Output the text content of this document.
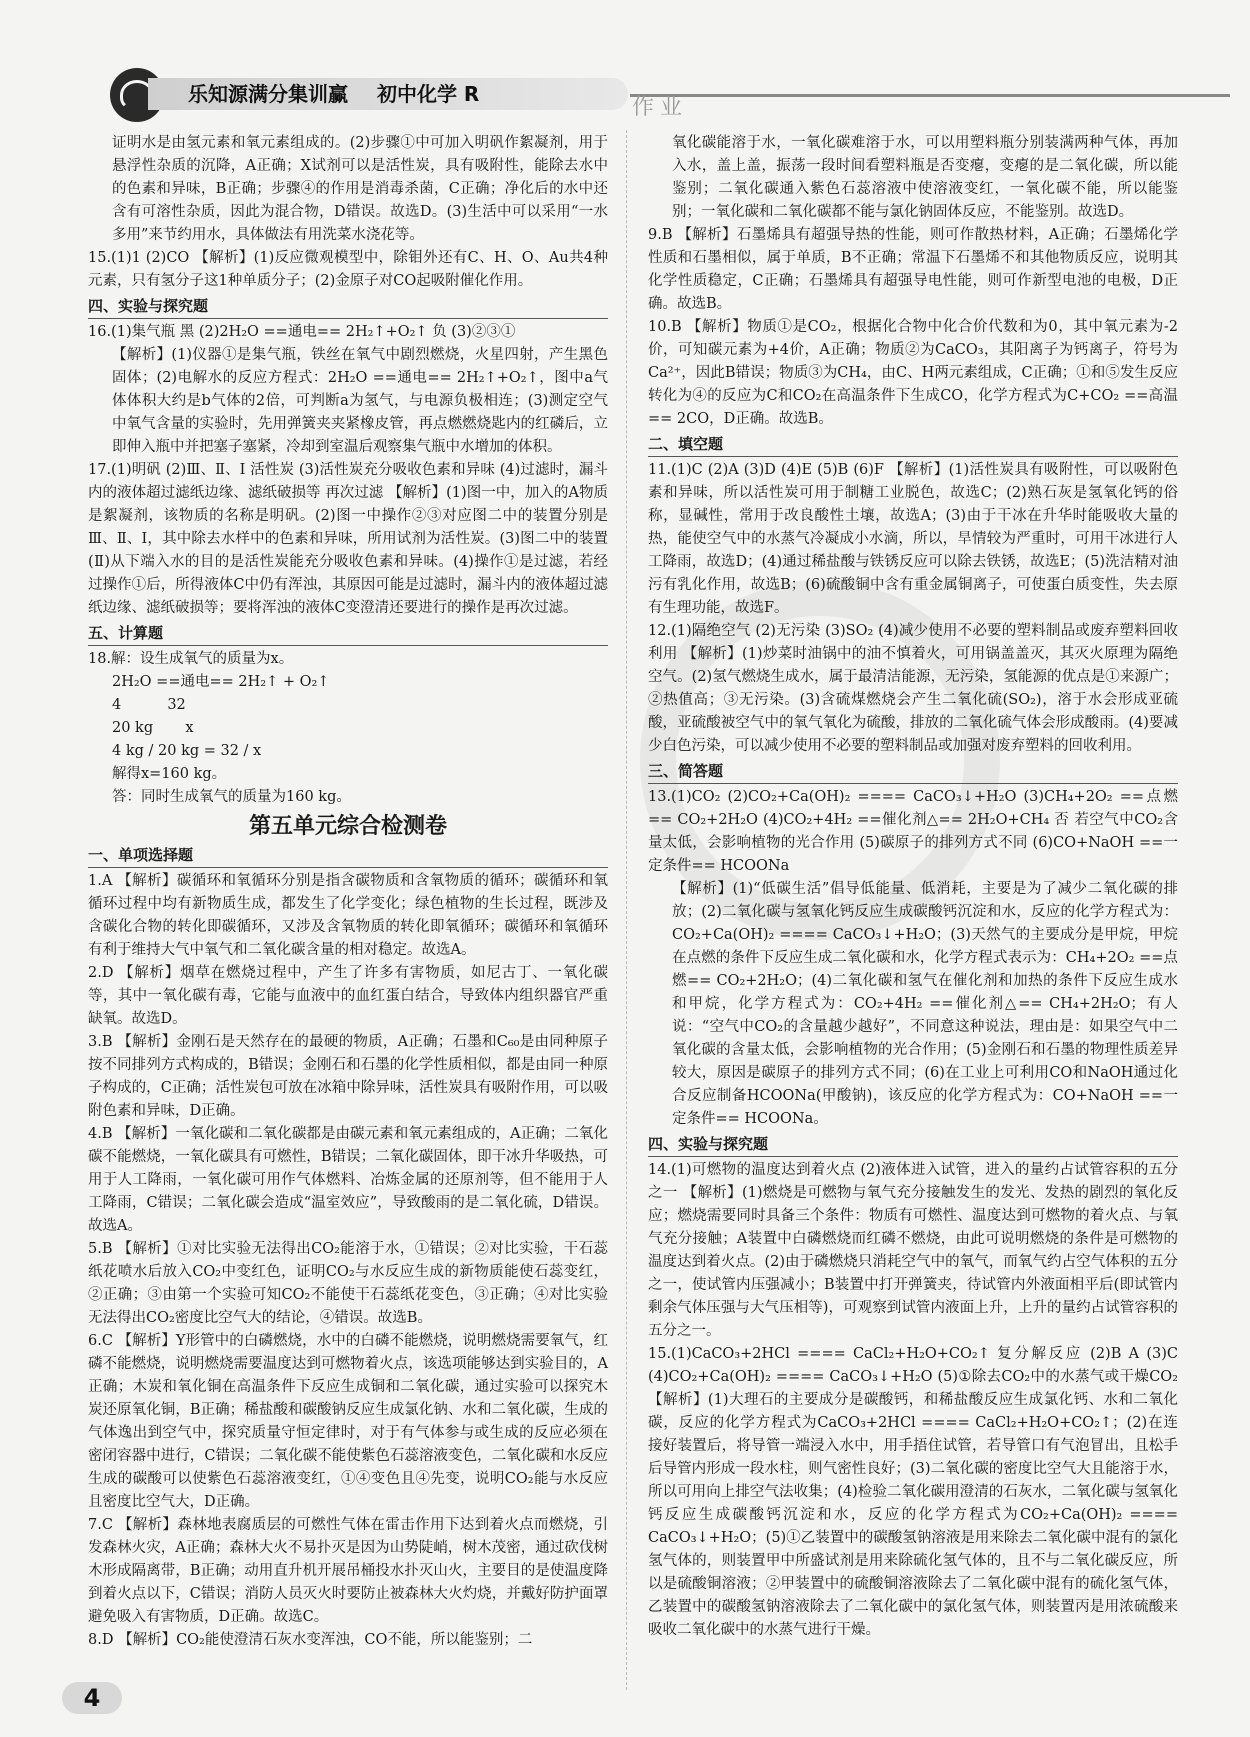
乐知源满分集训赢 初中化学 R
作业

证明水是由氢元素和氧元素组成的。(2)步骤①中可加入明矾作絮凝剂，用于悬浮性杂质的沉降，A正确；X试剂可以是活性炭，具有吸附性，能除去水中的色素和异味，B正确；步骤④的作用是消毒杀菌，C正确；净化后的水中还含有可溶性杂质，因此为混合物，D错误。故选D。(3)生活中可以采用“一水多用”来节约用水，具体做法有用洗菜水浇花等。

15.(1)1 (2)CO 【解析】(1)反应微观模型中，除钼外还有C、H、O、Au共4种元素，只有氢分子这1种单质分子；(2)金原子对CO起吸附催化作用。

四、实验与探究题

16.(1)集气瓶 黑 (2)2H₂O ==通电== 2H₂↑+O₂↑ 负 (3)②③①

【解析】(1)仪器①是集气瓶，铁丝在氧气中剧烈燃烧，火星四射，产生黑色固体；(2)电解水的反应方程式：2H₂O ==通电== 2H₂↑+O₂↑，图中a气体体积大约是b气体的2倍，可判断a为氢气，与电源负极相连；(3)测定空气中氧气含量的实验时，先用弹簧夹夹紧橡皮管，再点燃燃烧匙内的红磷后，立即伸入瓶中并把塞子塞紧，冷却到室温后观察集气瓶中水增加的体积。

17.(1)明矾 (2)Ⅲ、Ⅱ、Ⅰ 活性炭 (3)活性炭充分吸收色素和异味 (4)过滤时，漏斗内的液体超过滤纸边缘、滤纸破损等 再次过滤 【解析】(1)图一中，加入的A物质是絮凝剂，该物质的名称是明矾。(2)图一中操作②③对应图二中的装置分别是Ⅲ、Ⅱ、Ⅰ，其中除去水样中的色素和异味，所用试剂为活性炭。(3)图二中的装置(Ⅱ)从下端入水的目的是活性炭能充分吸收色素和异味。(4)操作①是过滤，若经过操作①后，所得液体C中仍有浑浊，其原因可能是过滤时，漏斗内的液体超过滤纸边缘、滤纸破损等；要将浑浊的液体C变澄清还要进行的操作是再次过滤。

五、计算题

18.解：设生成氧气的质量为x。

2H₂O ==通电== 2H₂↑ + O₂↑

4          32

20 kg       x

4 kg / 20 kg = 32 / x

解得x=160 kg。

答：同时生成氧气的质量为160 kg。

第五单元综合检测卷
一、单项选择题

1.A 【解析】碳循环和氧循环分别是指含碳物质和含氧物质的循环；碳循环和氧循环过程中均有新物质生成，都发生了化学变化；绿色植物的生长过程，既涉及含碳化合物的转化即碳循环，又涉及含氧物质的转化即氧循环；碳循环和氧循环有利于维持大气中氧气和二氧化碳含量的相对稳定。故选A。

2.D 【解析】烟草在燃烧过程中，产生了许多有害物质，如尼古丁、一氧化碳等，其中一氧化碳有毒，它能与血液中的血红蛋白结合，导致体内组织器官严重缺氧。故选D。

3.B 【解析】金刚石是天然存在的最硬的物质，A正确；石墨和C₆₀是由同种原子按不同排列方式构成的，B错误；金刚石和石墨的化学性质相似，都是由同一种原子构成的，C正确；活性炭包可放在冰箱中除异味，活性炭具有吸附作用，可以吸附色素和异味，D正确。

4.B 【解析】一氧化碳和二氧化碳都是由碳元素和氧元素组成的，A正确；二氧化碳不能燃烧，一氧化碳具有可燃性，B错误；二氧化碳固体，即干冰升华吸热，可用于人工降雨，一氧化碳可用作气体燃料、冶炼金属的还原剂等，但不能用于人工降雨，C错误；二氧化碳会造成“温室效应”，导致酸雨的是二氧化硫，D错误。故选A。

5.B 【解析】①对比实验无法得出CO₂能溶于水，①错误；②对比实验，干石蕊纸花喷水后放入CO₂中变红色，证明CO₂与水反应生成的新物质能使石蕊变红，②正确；③由第一个实验可知CO₂不能使干石蕊纸花变色，③正确；④对比实验无法得出CO₂密度比空气大的结论，④错误。故选B。

6.C 【解析】Y形管中的白磷燃烧，水中的白磷不能燃烧，说明燃烧需要氧气，红磷不能燃烧，说明燃烧需要温度达到可燃物着火点，该选项能够达到实验目的，A正确；木炭和氧化铜在高温条件下反应生成铜和二氧化碳，通过实验可以探究木炭还原氧化铜，B正确；稀盐酸和碳酸钠反应生成氯化钠、水和二氧化碳，生成的气体逸出到空气中，探究质量守恒定律时，对于有气体参与或生成的反应必须在密闭容器中进行，C错误；二氧化碳不能使紫色石蕊溶液变色，二氧化碳和水反应生成的碳酸可以使紫色石蕊溶液变红，①④变色且④先变，说明CO₂能与水反应且密度比空气大，D正确。

7.C 【解析】森林地表腐质层的可燃性气体在雷击作用下达到着火点而燃烧，引发森林火灾，A正确；森林大火不易扑灭是因为山势陡峭，树木茂密，通过砍伐树木形成隔离带，B正确；动用直升机开展吊桶投水扑灭山火，主要目的是使温度降到着火点以下，C错误；消防人员灭火时要防止被森林大火灼烧，并戴好防护面罩避免吸入有害物质，D正确。故选C。

8.D 【解析】CO₂能使澄清石灰水变浑浊，CO不能，所以能鉴别；二

氧化碳能溶于水，一氧化碳难溶于水，可以用塑料瓶分别装满两种气体，再加入水，盖上盖，振荡一段时间看塑料瓶是否变瘪，变瘪的是二氧化碳，所以能鉴别；二氧化碳通入紫色石蕊溶液中使溶液变红，一氧化碳不能，所以能鉴别；一氧化碳和二氧化碳都不能与氯化钠固体反应，不能鉴别。故选D。

9.B 【解析】石墨烯具有超强导热的性能，则可作散热材料，A正确；石墨烯化学性质和石墨相似，属于单质，B不正确；常温下石墨烯不和其他物质反应，说明其化学性质稳定，C正确；石墨烯具有超强导电性能，则可作新型电池的电极，D正确。故选B。

10.B 【解析】物质①是CO₂，根据化合物中化合价代数和为0，其中氧元素为-2价，可知碳元素为+4价，A正确；物质②为CaCO₃，其阳离子为钙离子，符号为Ca²⁺，因此B错误；物质③为CH₄，由C、H两元素组成，C正确；①和⑤发生反应转化为④的反应为C和CO₂在高温条件下生成CO，化学方程式为C+CO₂ ==高温== 2CO，D正确。故选B。

二、填空题

11.(1)C (2)A (3)D (4)E (5)B (6)F 【解析】(1)活性炭具有吸附性，可以吸附色素和异味，所以活性炭可用于制糖工业脱色，故选C；(2)熟石灰是氢氧化钙的俗称，显碱性，常用于改良酸性土壤，故选A；(3)由于干冰在升华时能吸收大量的热，能使空气中的水蒸气冷凝成小水滴，所以，旱情较为严重时，可用干冰进行人工降雨，故选D；(4)通过稀盐酸与铁锈反应可以除去铁锈，故选E；(5)洗洁精对油污有乳化作用，故选B；(6)硫酸铜中含有重金属铜离子，可使蛋白质变性，失去原有生理功能，故选F。

12.(1)隔绝空气 (2)无污染 (3)SO₂ (4)减少使用不必要的塑料制品或废弃塑料回收利用 【解析】(1)炒菜时油锅中的油不慎着火，可用锅盖盖灭，其灭火原理为隔绝空气。(2)氢气燃烧生成水，属于最清洁能源，无污染，氢能源的优点是①来源广；②热值高；③无污染。(3)含硫煤燃烧会产生二氧化硫(SO₂)，溶于水会形成亚硫酸，亚硫酸被空气中的氧气氧化为硫酸，排放的二氧化硫气体会形成酸雨。(4)要减少白色污染，可以减少使用不必要的塑料制品或加强对废弃塑料的回收利用。

三、简答题

13.(1)CO₂ (2)CO₂+Ca(OH)₂ ==== CaCO₃↓+H₂O (3)CH₄+2O₂ ==点燃== CO₂+2H₂O (4)CO₂+4H₂ ==催化剂△== 2H₂O+CH₄ 否 若空气中CO₂含量太低，会影响植物的光合作用 (5)碳原子的排列方式不同 (6)CO+NaOH ==一定条件== HCOONa

【解析】(1)“低碳生活”倡导低能量、低消耗，主要是为了减少二氧化碳的排放；(2)二氧化碳与氢氧化钙反应生成碳酸钙沉淀和水，反应的化学方程式为：CO₂+Ca(OH)₂ ==== CaCO₃↓+H₂O；(3)天然气的主要成分是甲烷，甲烷在点燃的条件下反应生成二氧化碳和水，化学方程式表示为：CH₄+2O₂ ==点燃== CO₂+2H₂O；(4)二氧化碳和氢气在催化剂和加热的条件下反应生成水和甲烷，化学方程式为：CO₂+4H₂ ==催化剂△== CH₄+2H₂O；有人说：“空气中CO₂的含量越少越好”，不同意这种说法，理由是：如果空气中二氧化碳的含量太低，会影响植物的光合作用；(5)金刚石和石墨的物理性质差异较大，原因是碳原子的排列方式不同；(6)在工业上可利用CO和NaOH通过化合反应制备HCOONa(甲酸钠)，该反应的化学方程式为：CO+NaOH ==一定条件== HCOONa。

四、实验与探究题

14.(1)可燃物的温度达到着火点 (2)液体进入试管，进入的量约占试管容积的五分之一 【解析】(1)燃烧是可燃物与氧气充分接触发生的发光、发热的剧烈的氧化反应；燃烧需要同时具备三个条件：物质有可燃性、温度达到可燃物的着火点、与氧气充分接触；A装置中白磷燃烧而红磷不燃烧，由此可说明燃烧的条件是可燃物的温度达到着火点。(2)由于磷燃烧只消耗空气中的氧气，而氧气约占空气体积的五分之一，使试管内压强减小；B装置中打开弹簧夹，待试管内外液面相平后(即试管内剩余气体压强与大气压相等)，可观察到试管内液面上升，上升的量约占试管容积的五分之一。

15.(1)CaCO₃+2HCl ==== CaCl₂+H₂O+CO₂↑ 复分解反应 (2)B A (3)C (4)CO₂+Ca(OH)₂ ==== CaCO₃↓+H₂O (5)①除去CO₂中的水蒸气或干燥CO₂ 【解析】(1)大理石的主要成分是碳酸钙，和稀盐酸反应生成氯化钙、水和二氧化碳，反应的化学方程式为CaCO₃+2HCl ==== CaCl₂+H₂O+CO₂↑；(2)在连接好装置后，将导管一端浸入水中，用手捂住试管，若导管口有气泡冒出，且松手后导管内形成一段水柱，则气密性良好；(3)二氧化碳的密度比空气大且能溶于水，所以可用向上排空气法收集；(4)检验二氧化碳用澄清的石灰水，二氧化碳与氢氧化钙反应生成碳酸钙沉淀和水，反应的化学方程式为CO₂+Ca(OH)₂ ==== CaCO₃↓+H₂O；(5)①乙装置中的碳酸氢钠溶液是用来除去二氧化碳中混有的氯化氢气体的，则装置甲中所盛试剂是用来除硫化氢气体的，且不与二氧化碳反应，所以是硫酸铜溶液；②甲装置中的硫酸铜溶液除去了二氧化碳中混有的硫化氢气体，乙装置中的碳酸氢钠溶液除去了二氧化碳中的氯化氢气体，则装置丙是用浓硫酸来吸收二氧化碳中的水蒸气进行干燥。

4
